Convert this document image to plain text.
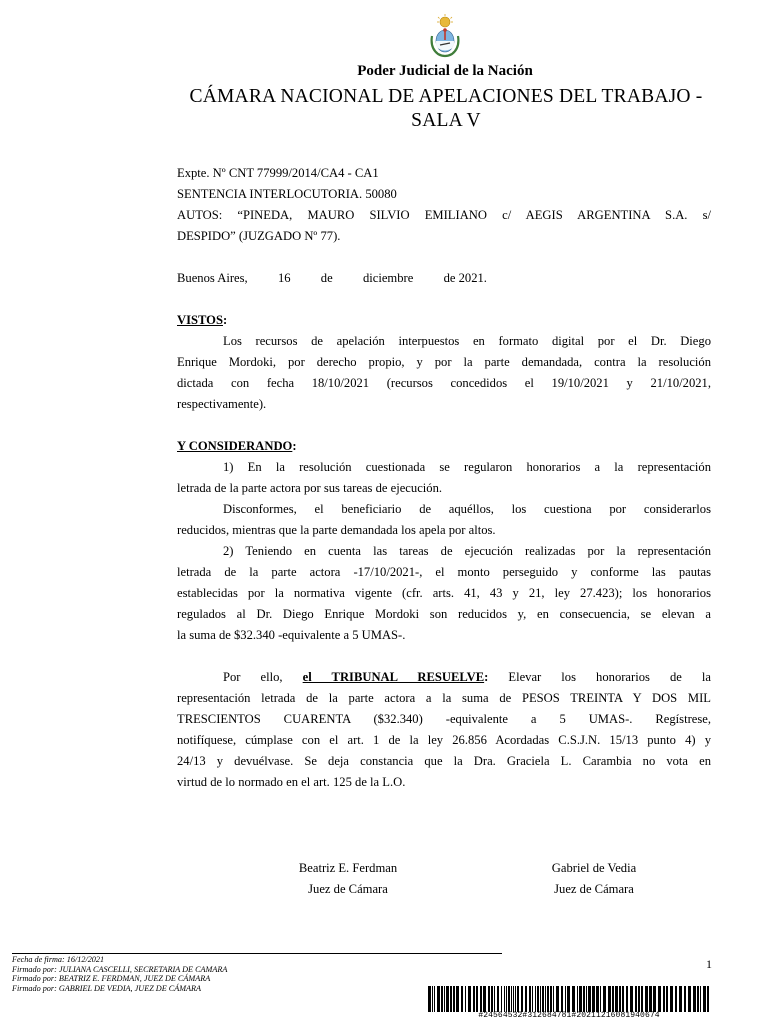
Poder Judicial de la Nación
CÁMARA NACIONAL DE APELACIONES DEL TRABAJO -
SALA V

Expte. Nº CNT 77999/2014/CA4 - CA1

SENTENCIA INTERLOCUTORIA. 50080

AUTOS: “PINEDA, MAURO SILVIO EMILIANO c/ AEGIS ARGENTINA S.A. s/

DESPIDO” (JUZGADO Nº 77).

Buenos Aires, 16 de diciembre de 2021.

VISTOS:

Los recursos de apelación interpuestos en formato digital por el Dr. Diego

Enrique Mordoki, por derecho propio, y por la parte demandada, contra la resolución

dictada con fecha 18/10/2021 (recursos concedidos el 19/10/2021 y 21/10/2021,

respectivamente).

Y CONSIDERANDO:

1) En la resolución cuestionada se regularon honorarios a la representación

letrada de la parte actora por sus tareas de ejecución.

Disconformes, el beneficiario de aquéllos, los cuestiona por considerarlos

reducidos, mientras que la parte demandada los apela por altos.

2) Teniendo en cuenta las tareas de ejecución realizadas por la representación

letrada de la parte actora -17/10/2021-, el monto perseguido y conforme las pautas

establecidas por la normativa vigente (cfr. arts. 41, 43 y 21, ley 27.423); los honorarios

regulados al Dr. Diego Enrique Mordoki son reducidos y, en consecuencia, se elevan a

la suma de $32.340 -equivalente a 5 UMAS-.

Por ello, el TRIBUNAL RESUELVE: Elevar los honorarios de la

representación letrada de la parte actora a la suma de PESOS TREINTA Y DOS MIL

TRESCIENTOS CUARENTA ($32.340) -equivalente a 5 UMAS-. Regístrese,

notifíquese, cúmplase con el art. 1 de la ley 26.856 Acordadas C.S.J.N. 15/13 punto 4) y

24/13 y devuélvase. Se deja constancia que la Dra. Graciela L. Carambia no vota en

virtud de lo normado en el art. 125 de la L.O.

Beatriz E. Ferdman
Juez de Cámara
Gabriel de Vedia
Juez de Cámara
Fecha de firma: 16/12/2021
Firmado por: JULIANA CASCELLI, SECRETARIA DE CAMARA
Firmado por: BEATRIZ E. FERDMAN, JUEZ DE CÁMARA
Firmado por: GABRIEL DE VEDIA, JUEZ DE CÁMARA
1
#24564532#312684781#20211216081940674
